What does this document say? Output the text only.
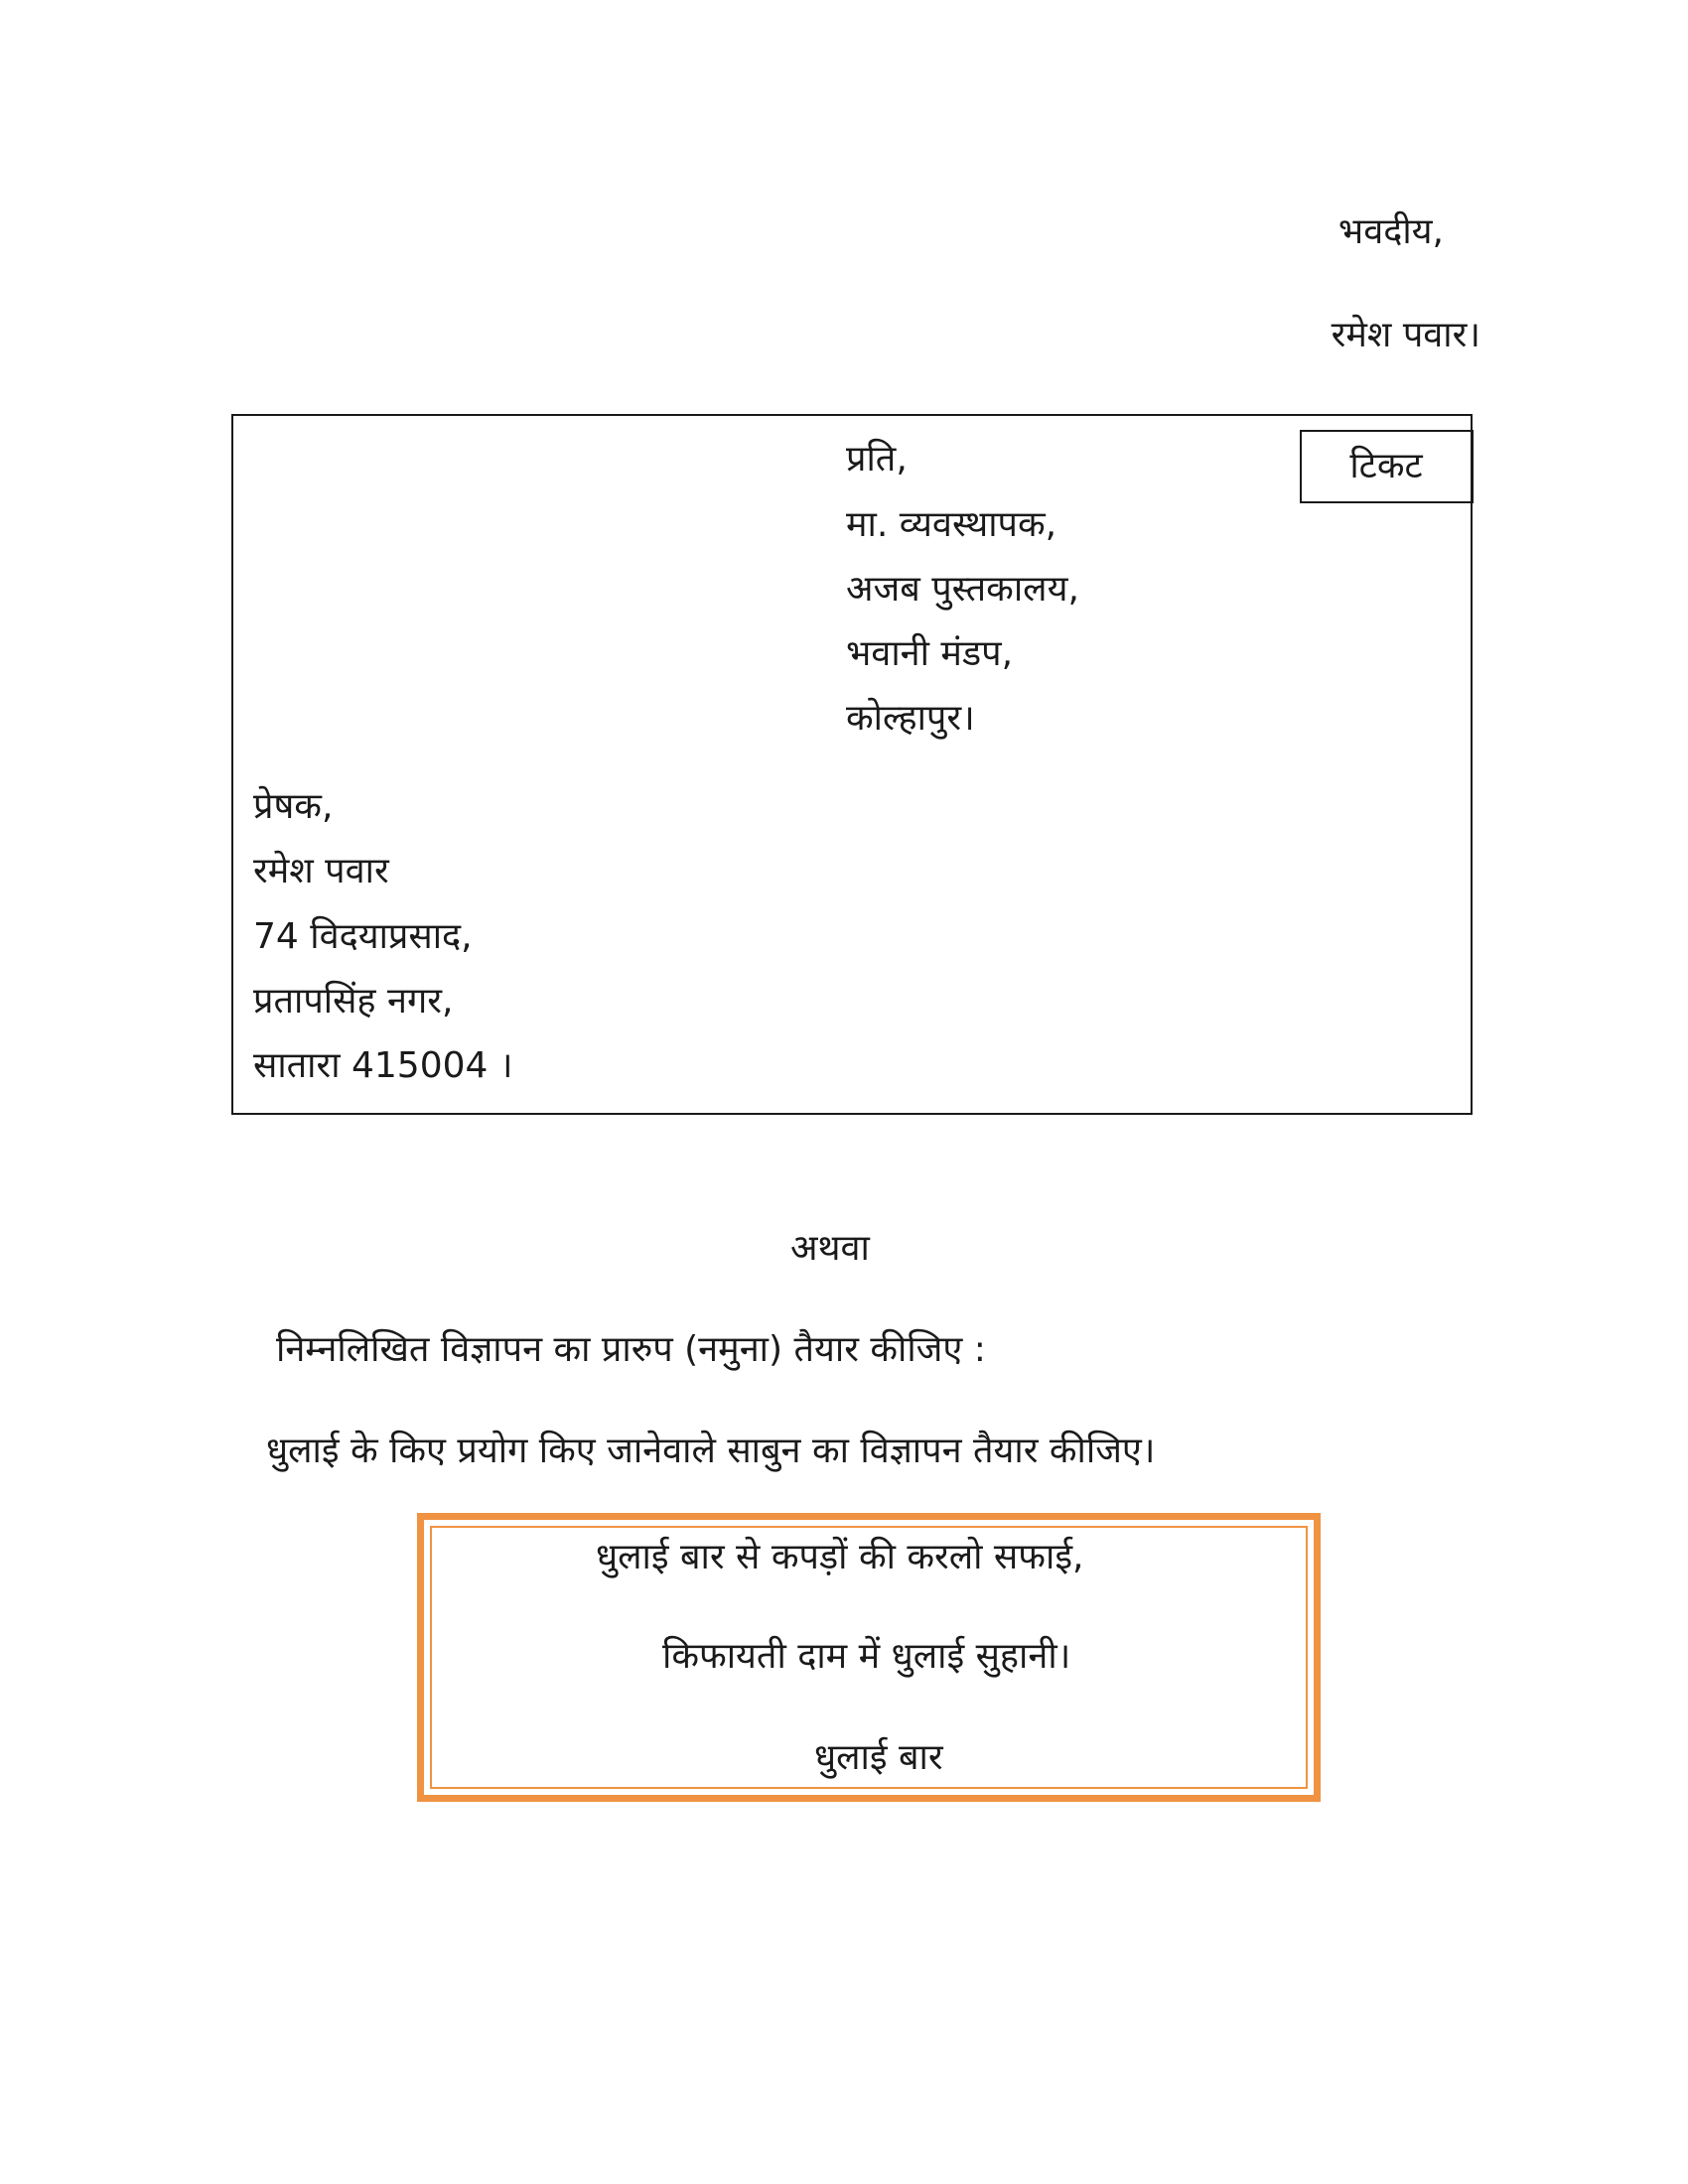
भवदीय,
रमेश पवार।
टिकट
प्रति,
मा. व्यवस्थापक,
अजब पुस्तकालय,
भवानी मंडप,
कोल्हापुर।
प्रेषक,
रमेश पवार
74 विदयाप्रसाद,
प्रतापसिंह नगर,
सातारा 415004 ।
अथवा
निम्नलिखित विज्ञापन का प्रारुप (नमुना) तैयार कीजिए :
धुलाई के किए प्रयोग किए जानेवाले साबुन का विज्ञापन तैयार कीजिए।
धुलाई बार से कपड़ों की करलो सफाई,
किफायती दाम में धुलाई सुहानी।
धुलाई बार
